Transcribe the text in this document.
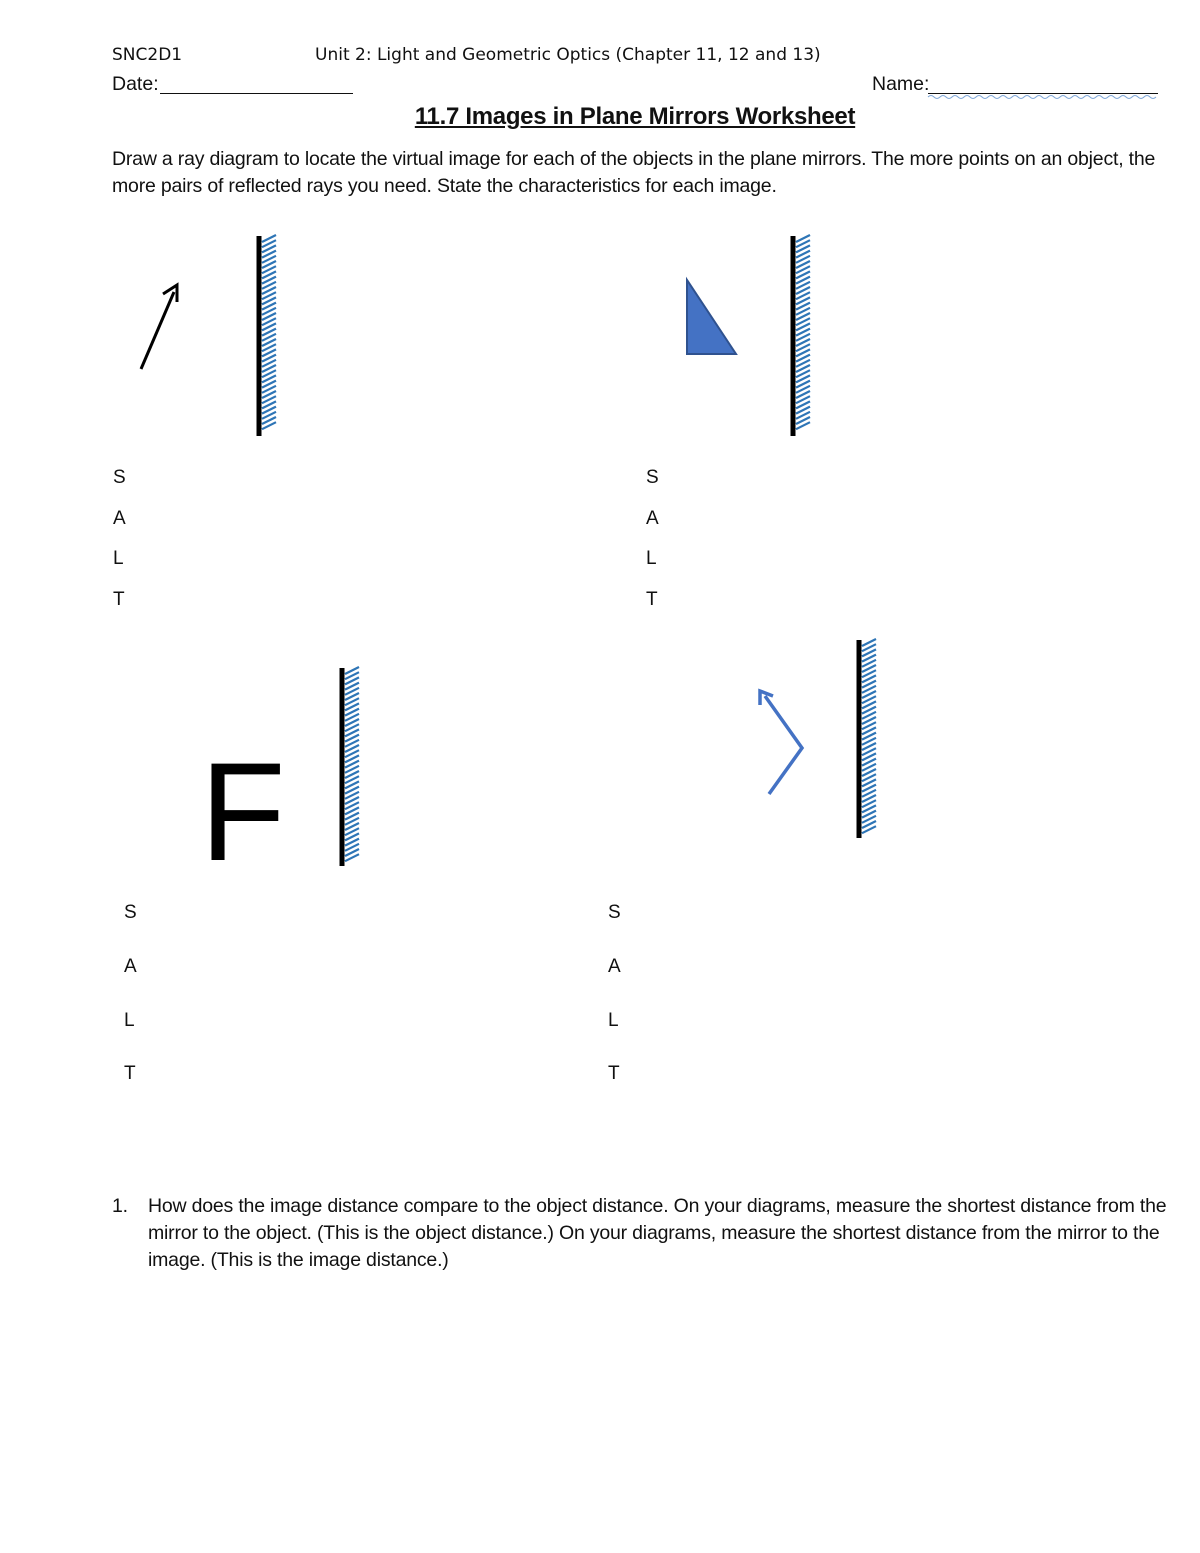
SNC2D1	Unit 2: Light and Geometric Optics (Chapter 11, 12 and 13)
Date:	Name:
11.7 Images in Plane Mirrors Worksheet
Draw a ray diagram to locate the virtual image for each of the objects in the plane mirrors. The more points on an object, the more pairs of reflected rays you need. State the characteristics for each image.
S
A
L
T
S
A
L
T
F
S
A
L
T
S
A
L
T
1. How does the image distance compare to the object distance. On your diagrams, measure the shortest distance from the mirror to the object. (This is the object distance.) On your diagrams, measure the shortest distance from the mirror to the image. (This is the image distance.)
